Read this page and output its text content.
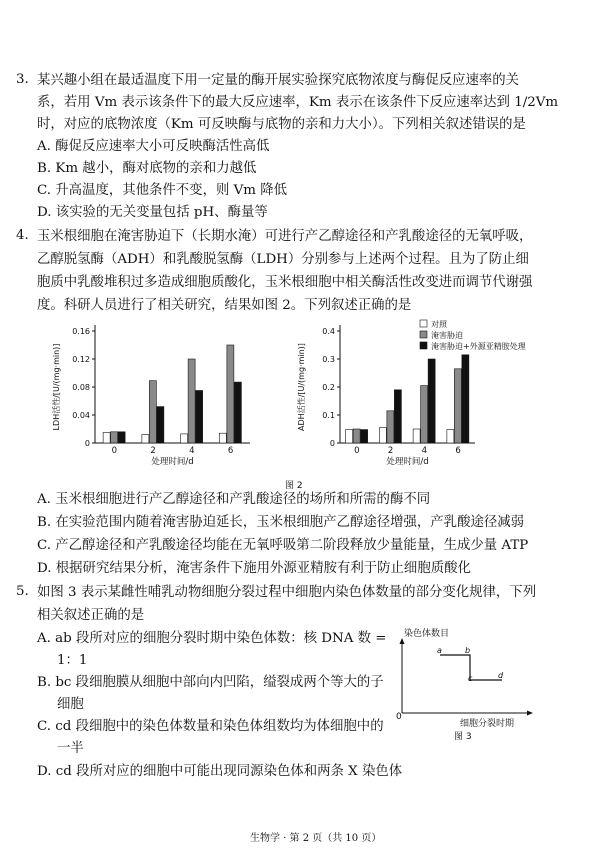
3. 某兴趣小组在最适温度下用一定量的酶开展实验探究底物浓度与酶促反应速率的关
系，若用 Vm 表示该条件下的最大反应速率，Km 表示在该条件下反应速率达到 1/2Vm
时，对应的底物浓度（Km 可反映酶与底物的亲和力大小）。下列相关叙述错误的是
A. 酶促反应速率大小可反映酶活性高低
B. Km 越小，酶对底物的亲和力越低
C. 升高温度，其他条件不变，则 Vm 降低
D. 该实验的无关变量包括 pH、酶量等
4. 玉米根细胞在淹害胁迫下（长期水淹）可进行产乙醇途径和产乳酸途径的无氧呼吸，
乙醇脱氢酶（ADH）和乳酸脱氢酶（LDH）分别参与上述两个过程。且为了防止细
胞质中乳酸堆积过多造成细胞质酸化，玉米根细胞中相关酶活性改变进而调节代谢强
度。科研人员进行了相关研究，结果如图 2。下列叙述正确的是
0
0.04
0.08
0.12
0.16
LDH活性/[U/(mg·min)]
0	2	4	6
处理时间/d
0
0.1
0.2
0.3
0.4
ADH活性/[U/(mg·min)]
0	2	4	6
处理时间/d
对照
淹害胁迫
淹害胁迫+外源亚精胺处理
图 2
A. 玉米根细胞进行产乙醇途径和产乳酸途径的场所和所需的酶不同
B. 在实验范围内随着淹害胁迫延长，玉米根细胞产乙醇途径增强，产乳酸途径减弱
C. 产乙醇途径和产乳酸途径均能在无氧呼吸第二阶段释放少量能量，生成少量 ATP
D. 根据研究结果分析，淹害条件下施用外源亚精胺有利于防止细胞质酸化
5. 如图 3 表示某雌性哺乳动物细胞分裂过程中细胞内染色体数量的部分变化规律，下列
相关叙述正确的是
A. ab 段所对应的细胞分裂时期中染色体数：核 DNA 数 =
1：1
B. bc 段细胞膜从细胞中部向内凹陷，缢裂成两个等大的子
细胞
C. cd 段细胞中的染色体数量和染色体组数均为体细胞中的
一半
D. cd 段所对应的细胞中可能出现同源染色体和两条 X 染色体
染色体数目
0
a	b
c	d
细胞分裂时期
图 3
生物学 · 第 2 页（共 10 页）
